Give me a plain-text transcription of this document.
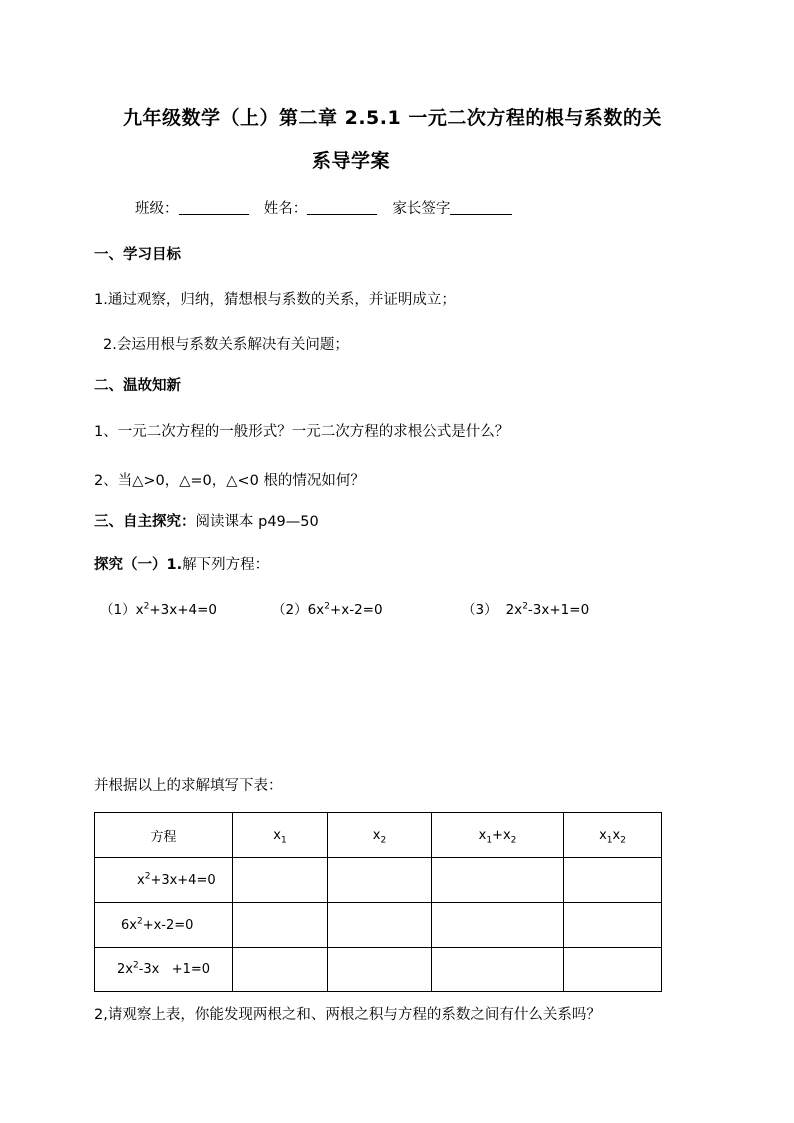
九年级数学（上）第二章 2.5.1 一元二次方程的根与系数的关
系导学案
班级：	姓名：	家长签字
一、学习目标
1.通过观察，归纳，猜想根与系数的关系，并证明成立；
2.会运用根与系数关系解决有关问题；
二、温故知新
1、一元二次方程的一般形式？一元二次方程的求根公式是什么？
2、当△>0，△=0，△<0 根的情况如何？
三、自主探究：阅读课本 p49—50
探究（一）1.解下列方程：
$(1)x^2+3x+4=0$	$(2)6x^2+x-2=0$	（3） $2x^2-3x+1=0$
并根据以上的求解填写下表：
方程	$x_1$	$x_2$	$x_1+x_2$	$x_1x_2$
$x^2+3x+4=0$				
$6x^2+x-2=0$				
$2x^2-3x +1=0$				
2,请观察上表，你能发现两根之和、两根之积与方程的系数之间有什么关系吗？
